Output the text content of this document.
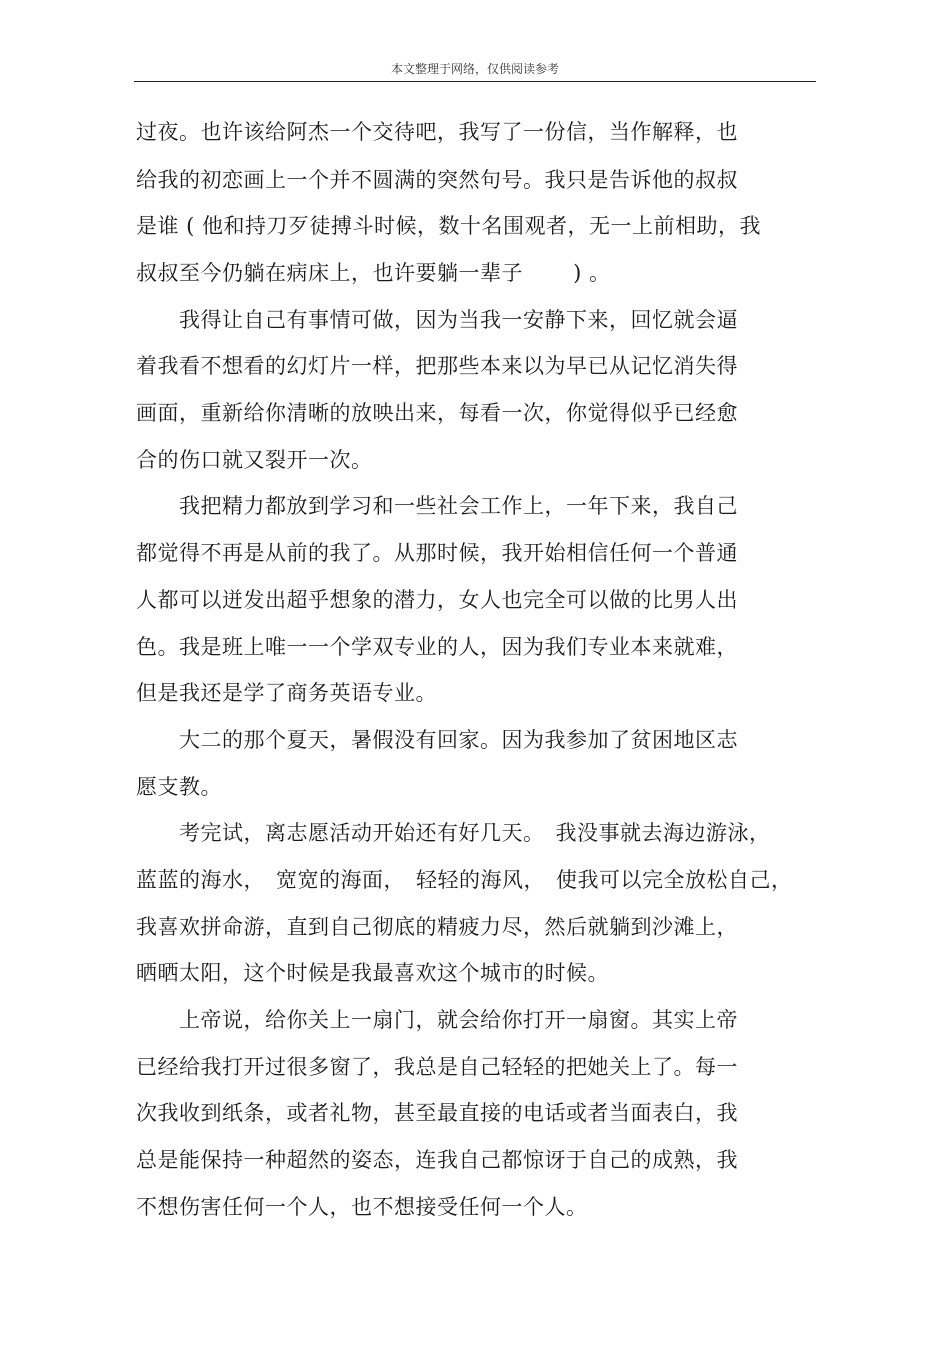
本文整理于网络，仅供阅读参考
过夜。也许该给阿杰一个交待吧，我写了一份信，当作解释，也
给我的初恋画上一个并不圆满的突然句号。我只是告诉他的叔叔
是谁 ( 他和持刀歹徒搏斗时候，数十名围观者，无一上前相助，我
叔叔至今仍躺在病床上，也许要躺一辈子 　　) 。
　　我得让自己有事情可做，因为当我一安静下来，回忆就会逼
着我看不想看的幻灯片一样，把那些本来以为早已从记忆消失得
画面，重新给你清晰的放映出来，每看一次，你觉得似乎已经愈
合的伤口就又裂开一次。
　　我把精力都放到学习和一些社会工作上，一年下来，我自己
都觉得不再是从前的我了。从那时候，我开始相信任何一个普通
人都可以迸发出超乎想象的潜力，女人也完全可以做的比男人出
色。我是班上唯一一个学双专业的人，因为我们专业本来就难，
但是我还是学了商务英语专业。
　　大二的那个夏天，暑假没有回家。因为我参加了贫困地区志
愿支教。
　　考完试，离志愿活动开始还有好几天。　我没事就去海边游泳，
蓝蓝的海水，　宽宽的海面，　轻轻的海风，　使我可以完全放松自己，
我喜欢拼命游，直到自己彻底的精疲力尽，然后就躺到沙滩上，
晒晒太阳，这个时候是我最喜欢这个城市的时候。
　　上帝说，给你关上一扇门，就会给你打开一扇窗。其实上帝
已经给我打开过很多窗了，我总是自己轻轻的把她关上了。每一
次我收到纸条，或者礼物，甚至最直接的电话或者当面表白，我
总是能保持一种超然的姿态，连我自己都惊讶于自己的成熟，我
不想伤害任何一个人，也不想接受任何一个人。
